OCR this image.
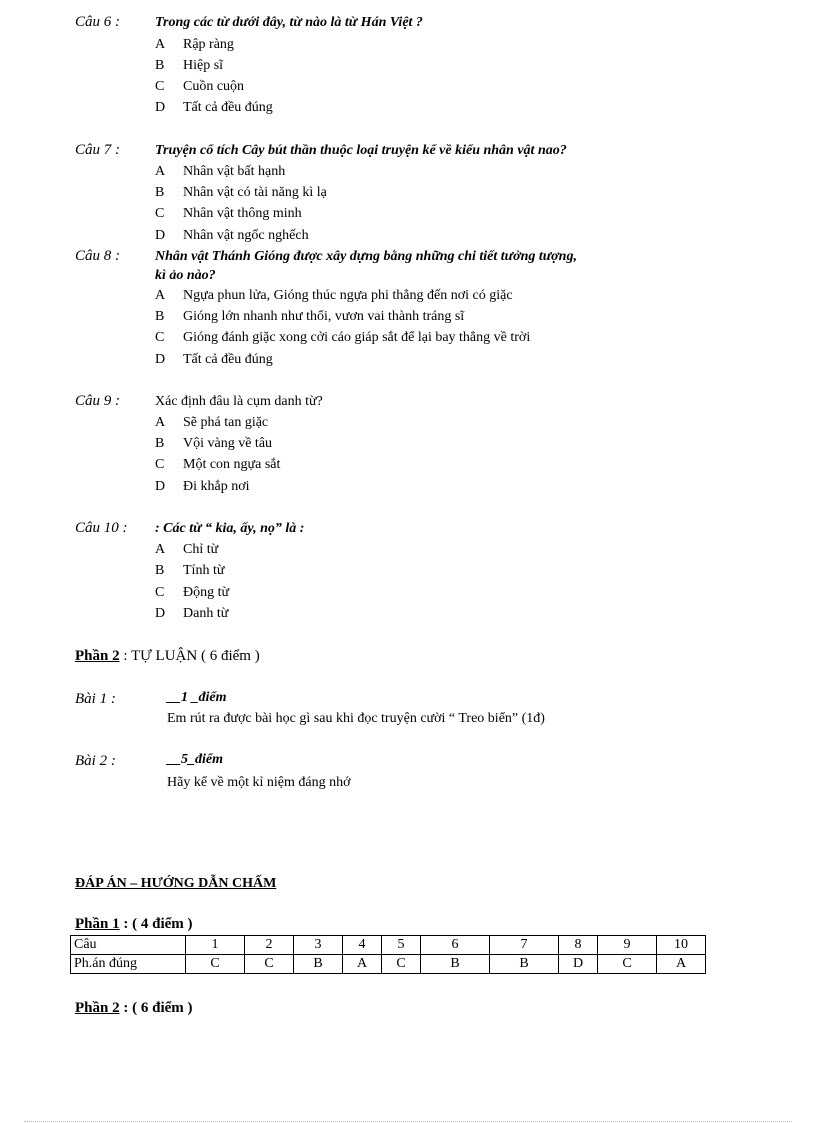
Câu 6 :	Trong các từ dưới đây, từ nào là từ Hán Việt ?
A Rập ràng
B Hiệp sĩ
C Cuồn cuộn
D Tất cả đều đúng
Câu 7 :	Truyện cổ tích Cây bút thần thuộc loại truyện kể về kiểu nhân vật nao?
A Nhân vật bất hạnh
B Nhân vật có tài năng kì lạ
C Nhân vật thông minh
D Nhân vật ngốc nghếch
Câu 8 :	Nhân vật Thánh Gióng được xây dựng bằng những chi tiết tưởng tượng,
kì ảo nào?
A Ngựa phun lửa, Gióng thúc ngựa phi thẳng đến nơi có giặc
B Gióng lớn nhanh như thổi, vươn vai thành tráng sĩ
C Gióng đánh giặc xong cởi cáo giáp sắt để lại bay thẳng về trời
D Tất cả đều đúng
Câu 9 :	Xác định đâu là cụm danh từ?
A Sẽ phá tan giặc
B Vội vàng về tâu
C Một con ngựa sắt
D Đi khắp nơi
Câu 10 : : Các từ “ kia, ấy, nọ” là :
A Chỉ từ
B Tính từ
C Động từ
D Danh từ
Phần 2 : TỰ LUẬN ( 6 điểm )
Bài 1 :	__1 _điểm
Em rút ra được bài học gì sau khi đọc truyện cười “ Treo biển” (1đ)
Bài 2 :	__5_điểm
Hãy kể về một kỉ niệm đáng nhớ
ĐÁP ÁN – HƯỚNG DẪN CHẤM
Phần 1 : ( 4 điểm )
Câu	1	2	3	4	5	6	7	8	9	10
Ph.án đúng	C	C	B	A	C	B	B	D	C	A
Phần 2 : ( 6 điểm )
